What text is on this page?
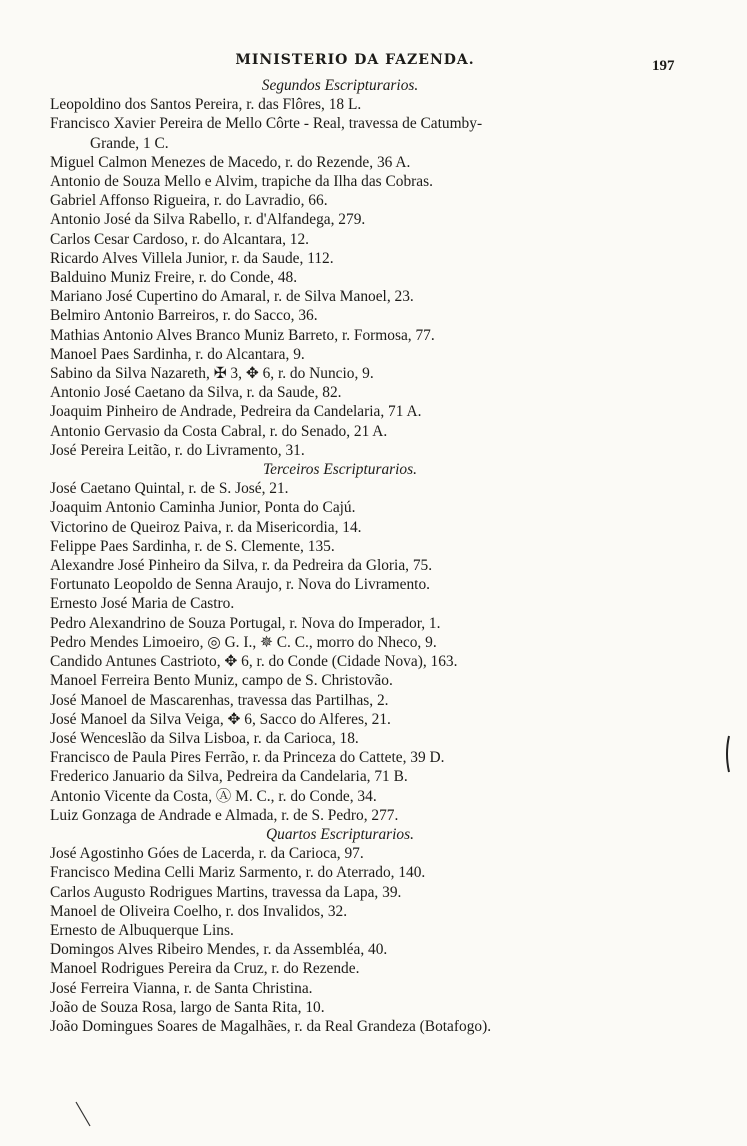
MINISTERIO DA FAZENDA.	197
Segundos Escripturarios.
Leopoldino dos Santos Pereira, r. das Flôres, 18 L.
Francisco Xavier Pereira de Mello Côrte - Real, travessa de Catumby-
Grande, 1 C.
Miguel Calmon Menezes de Macedo, r. do Rezende, 36 A.
Antonio de Souza Mello e Alvim, trapiche da Ilha das Cobras.
Gabriel Affonso Rigueira, r. do Lavradio, 66.
Antonio José da Silva Rabello, r. d'Alfandega, 279.
Carlos Cesar Cardoso, r. do Alcantara, 12.
Ricardo Alves Villela Junior, r. da Saude, 112.
Balduino Muniz Freire, r. do Conde, 48.
Mariano José Cupertino do Amaral, r. de Silva Manoel, 23.
Belmiro Antonio Barreiros, r. do Sacco, 36.
Mathias Antonio Alves Branco Muniz Barreto, r. Formosa, 77.
Manoel Paes Sardinha, r. do Alcantara, 9.
Sabino da Silva Nazareth, ✠ 3, ✥ 6, r. do Nuncio, 9.
Antonio José Caetano da Silva, r. da Saude, 82.
Joaquim Pinheiro de Andrade, Pedreira da Candelaria, 71 A.
Antonio Gervasio da Costa Cabral, r. do Senado, 21 A.
José Pereira Leitão, r. do Livramento, 31.
Terceiros Escripturarios.
José Caetano Quintal, r. de S. José, 21.
Joaquim Antonio Caminha Junior, Ponta do Cajú.
Victorino de Queiroz Paiva, r. da Misericordia, 14.
Felippe Paes Sardinha, r. de S. Clemente, 135.
Alexandre José Pinheiro da Silva, r. da Pedreira da Gloria, 75.
Fortunato Leopoldo de Senna Araujo, r. Nova do Livramento.
Ernesto José Maria de Castro.
Pedro Alexandrino de Souza Portugal, r. Nova do Imperador, 1.
Pedro Mendes Limoeiro, ◎ G. I., ✵ C. C., morro do Nheco, 9.
Candido Antunes Castrioto, ✥ 6, r. do Conde (Cidade Nova), 163.
Manoel Ferreira Bento Muniz, campo de S. Christovão.
José Manoel de Mascarenhas, travessa das Partilhas, 2.
José Manoel da Silva Veiga, ✥ 6, Sacco do Alferes, 21.
José Wenceslão da Silva Lisboa, r. da Carioca, 18.
Francisco de Paula Pires Ferrão, r. da Princeza do Cattete, 39 D.
Frederico Januario da Silva, Pedreira da Candelaria, 71 B.
Antonio Vicente da Costa, Ⓐ M. C., r. do Conde, 34.
Luiz Gonzaga de Andrade e Almada, r. de S. Pedro, 277.
Quartos Escripturarios.
José Agostinho Góes de Lacerda, r. da Carioca, 97.
Francisco Medina Celli Mariz Sarmento, r. do Aterrado, 140.
Carlos Augusto Rodrigues Martins, travessa da Lapa, 39.
Manoel de Oliveira Coelho, r. dos Invalidos, 32.
Ernesto de Albuquerque Lins.
Domingos Alves Ribeiro Mendes, r. da Assembléa, 40.
Manoel Rodrigues Pereira da Cruz, r. do Rezende.
José Ferreira Vianna, r. de Santa Christina.
João de Souza Rosa, largo de Santa Rita, 10.
João Domingues Soares de Magalhães, r. da Real Grandeza (Botafogo).
